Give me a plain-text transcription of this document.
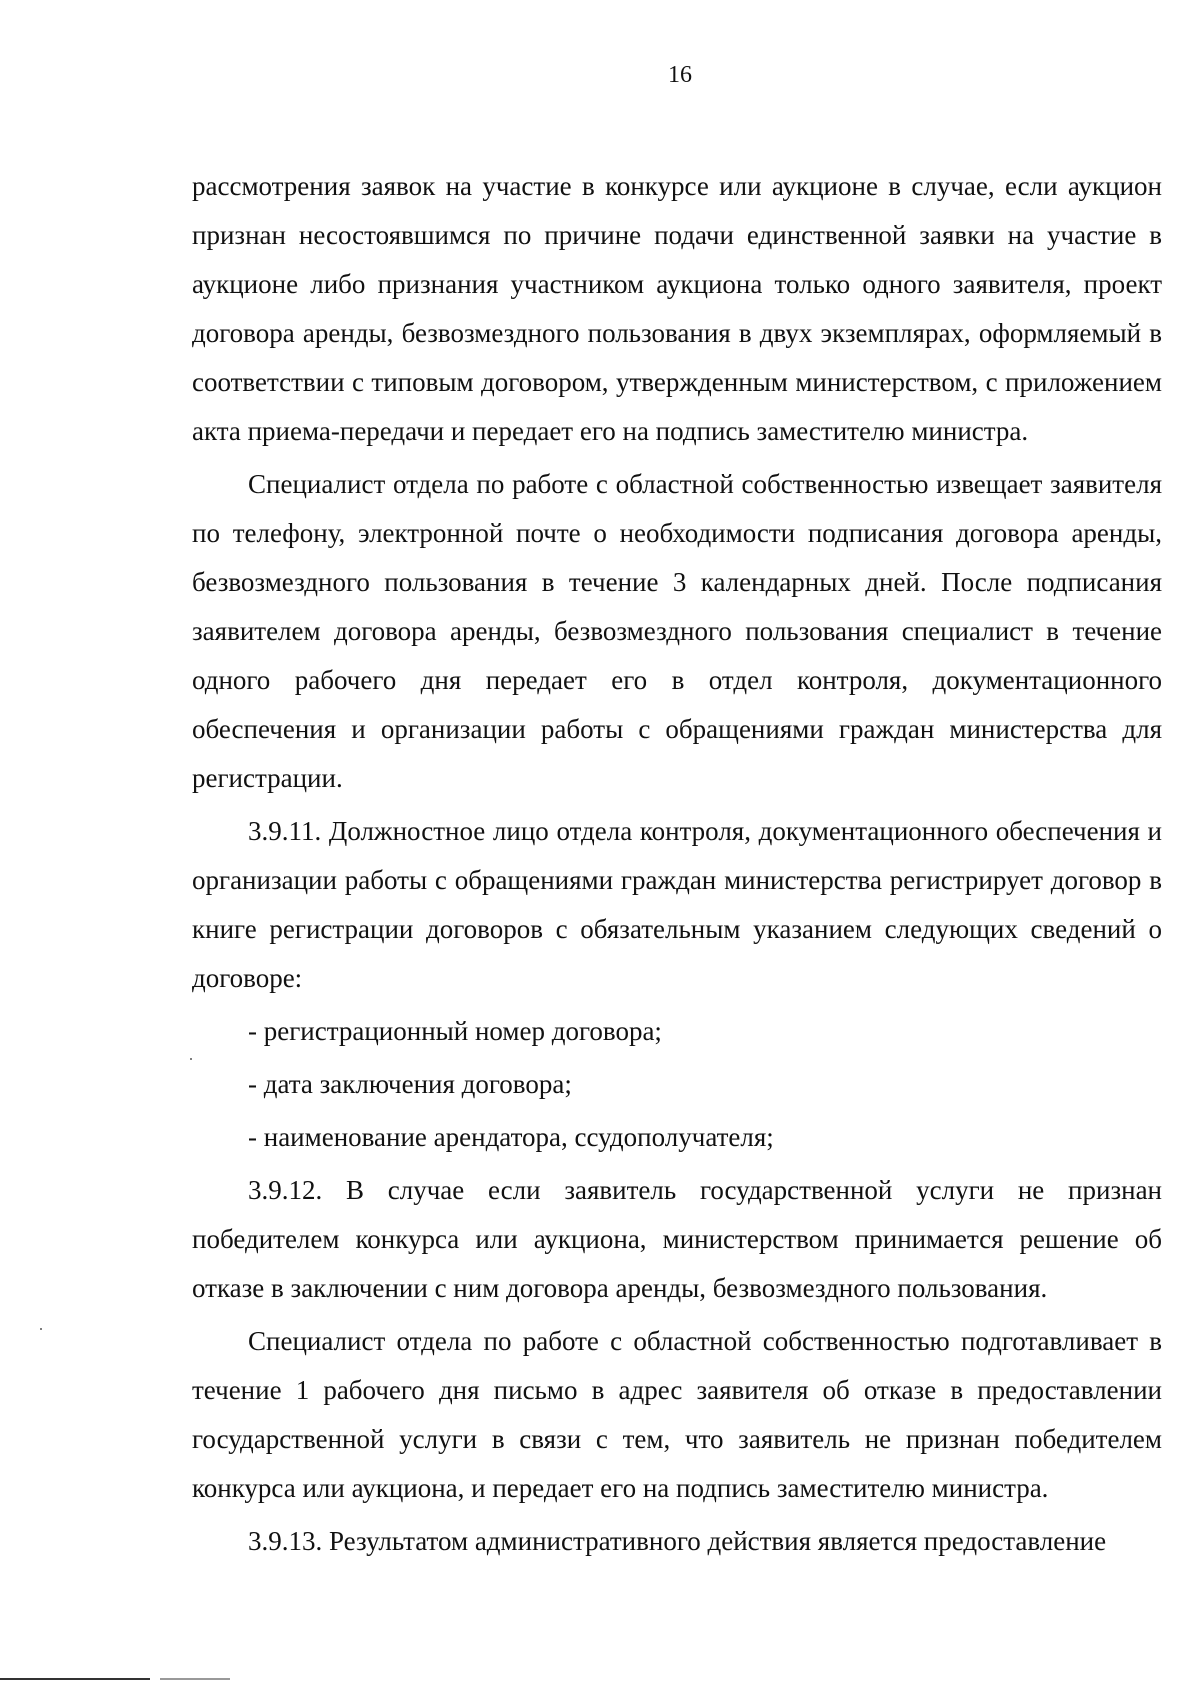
16

рассмотрения заявок на участие в конкурсе или аукционе в случае, если аукцион признан несостоявшимся по причине подачи единственной заявки на участие в аукционе либо признания участником аукциона только одного заявителя, проект договора аренды, безвозмездного пользования в двух экземплярах, оформляемый в соответствии с типовым договором, утвержденным министерством, с приложением акта приема-передачи и передает его на подпись заместителю министра.

Специалист отдела по работе с областной собственностью извещает заявителя по телефону, электронной почте о необходимости подписания договора аренды, безвозмездного пользования в течение 3 календарных дней. После подписания заявителем договора аренды, безвозмездного пользования специалист в течение одного рабочего дня передает его в отдел контроля, документационного обеспечения и организации работы с обращениями граждан министерства для регистрации.

3.9.11. Должностное лицо отдела контроля, документационного обеспечения и организации работы с обращениями граждан министерства регистрирует договор в книге регистрации договоров с обязательным указанием следующих сведений о договоре:

- регистрационный номер договора;

- дата заключения договора;

- наименование арендатора, ссудополучателя;

3.9.12. В случае если заявитель государственной услуги не признан победителем конкурса или аукциона, министерством принимается решение об отказе в заключении с ним договора аренды, безвозмездного пользования.

Специалист отдела по работе с областной собственностью подготавливает в течение 1 рабочего дня письмо в адрес заявителя об отказе в предоставлении государственной услуги в связи с тем, что заявитель не признан победителем конкурса или аукциона, и передает его на подпись заместителю министра.

3.9.13. Результатом административного действия является предоставление
